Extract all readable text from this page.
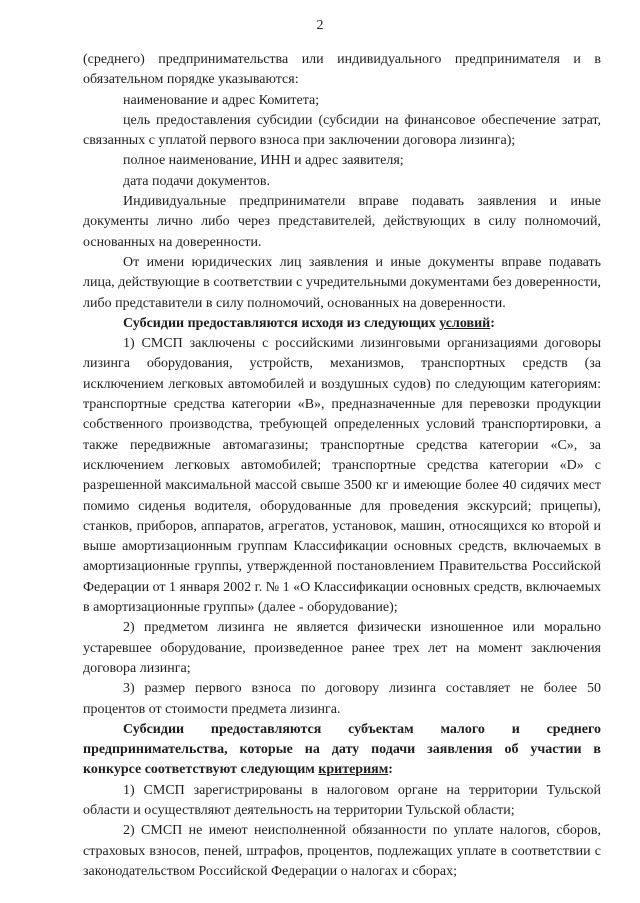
2

(среднего) предпринимательства или индивидуального предпринимателя и в обязательном порядке указываются:

наименование и адрес Комитета;

цель предоставления субсидии (субсидии на финансовое обеспечение затрат, связанных с уплатой первого взноса при заключении договора лизинга);

полное наименование, ИНН и адрес заявителя;

дата подачи документов.

Индивидуальные предприниматели вправе подавать заявления и иные документы лично либо через представителей, действующих в силу полномочий, основанных на доверенности.

От имени юридических лиц заявления и иные документы вправе подавать лица, действующие в соответствии с учредительными документами без доверенности, либо представители в силу полномочий, основанных на доверенности.

Субсидии предоставляются исходя из следующих условий:

1) СМСП заключены с российскими лизинговыми организациями договоры лизинга оборудования, устройств, механизмов, транспортных средств (за исключением легковых автомобилей и воздушных судов) по следующим категориям: транспортные средства категории «В», предназначенные для перевозки продукции собственного производства, требующей определенных условий транспортировки, а также передвижные автомагазины; транспортные средства категории «С», за исключением легковых автомобилей; транспортные средства категории «D» с разрешенной максимальной массой свыше 3500 кг и имеющие более 40 сидячих мест помимо сиденья водителя, оборудованные для проведения экскурсий; прицепы), станков, приборов, аппаратов, агрегатов, установок, машин, относящихся ко второй и выше амортизационным группам Классификации основных средств, включаемых в амортизационные группы, утвержденной постановлением Правительства Российской Федерации от 1 января 2002 г. № 1 «О Классификации основных средств, включаемых в амортизационные группы» (далее - оборудование);

2) предметом лизинга не является физически изношенное или морально устаревшее оборудование, произведенное ранее трех лет на момент заключения договора лизинга;

3) размер первого взноса по договору лизинга составляет не более 50 процентов от стоимости предмета лизинга.

Субсидии предоставляются субъектам малого и среднего
предпринимательства, которые на дату подачи заявления об участии в
конкурсе соответствуют следующим критериям:

1) СМСП зарегистрированы в налоговом органе на территории Тульской области и осуществляют деятельность на территории Тульской области;

2) СМСП не имеют неисполненной обязанности по уплате налогов, сборов, страховых взносов, пеней, штрафов, процентов, подлежащих уплате в соответствии с законодательством Российской Федерации о налогах и сборах;
